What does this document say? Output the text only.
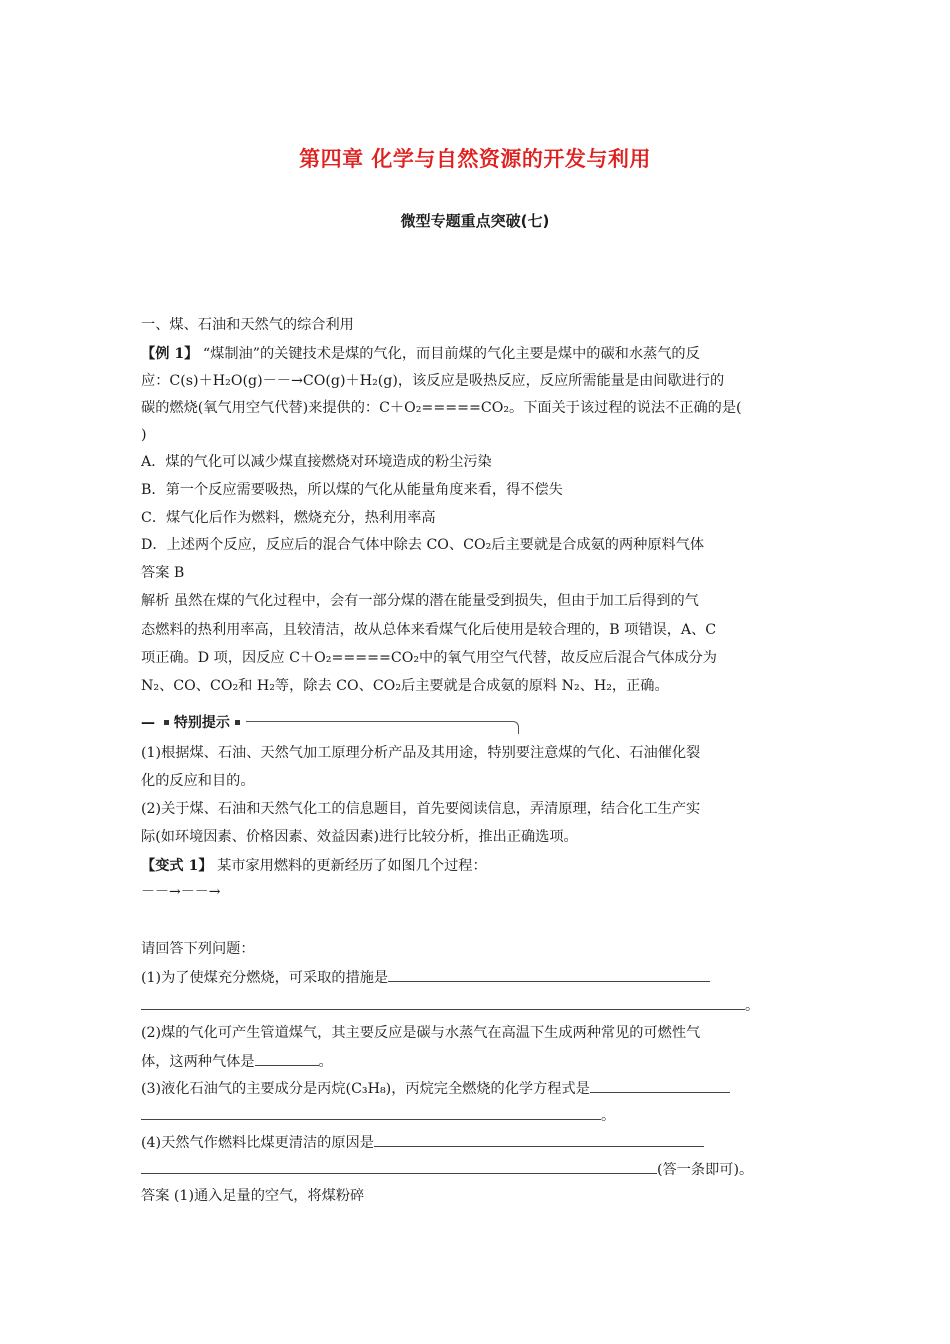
第四章 化学与自然资源的开发与利用
微型专题重点突破(七)
一、煤、石油和天然气的综合利用
【例 1】 “煤制油”的关键技术是煤的气化，而目前煤的气化主要是煤中的碳和水蒸气的反
应：C(s)＋H₂O(g)－－→CO(g)＋H₂(g)，该反应是吸热反应，反应所需能量是由间歇进行的
碳的燃烧(氧气用空气代替)来提供的：C＋O₂=====CO₂。下面关于该过程的说法不正确的是(
)
A．煤的气化可以减少煤直接燃烧对环境造成的粉尘污染
B．第一个反应需要吸热，所以煤的气化从能量角度来看，得不偿失
C．煤气化后作为燃料，燃烧充分，热利用率高
D．上述两个反应，反应后的混合气体中除去 CO、CO₂后主要就是合成氨的两种原料气体
答案 B
解析 虽然在煤的气化过程中，会有一部分煤的潜在能量受到损失，但由于加工后得到的气
态燃料的热利用率高，且较清洁，故从总体来看煤气化后使用是较合理的，B 项错误，A、C
项正确。D 项，因反应 C＋O₂=====CO₂中的氧气用空气代替，故反应后混合气体成分为
N₂、CO、CO₂和 H₂等，除去 CO、CO₂后主要就是合成氨的原料 N₂、H₂，正确。
— 特别提示
(1)根据煤、石油、天然气加工原理分析产品及其用途，特别要注意煤的气化、石油催化裂
化的反应和目的。
(2)关于煤、石油和天然气化工的信息题目，首先要阅读信息，弄清原理，结合化工生产实
际(如环境因素、价格因素、效益因素)进行比较分析，推出正确选项。
【变式 1】 某市家用燃料的更新经历了如图几个过程：
－－→－－→
请回答下列问题：
(1)为了使煤充分燃烧，可采取的措施是
。
(2)煤的气化可产生管道煤气，其主要反应是碳与水蒸气在高温下生成两种常见的可燃性气
体，这两种气体是	。
(3)液化石油气的主要成分是丙烷(C₃H₈)，丙烷完全燃烧的化学方程式是
。
(4)天然气作燃料比煤更清洁的原因是
(答一条即可)。
答案 (1)通入足量的空气，将煤粉碎
